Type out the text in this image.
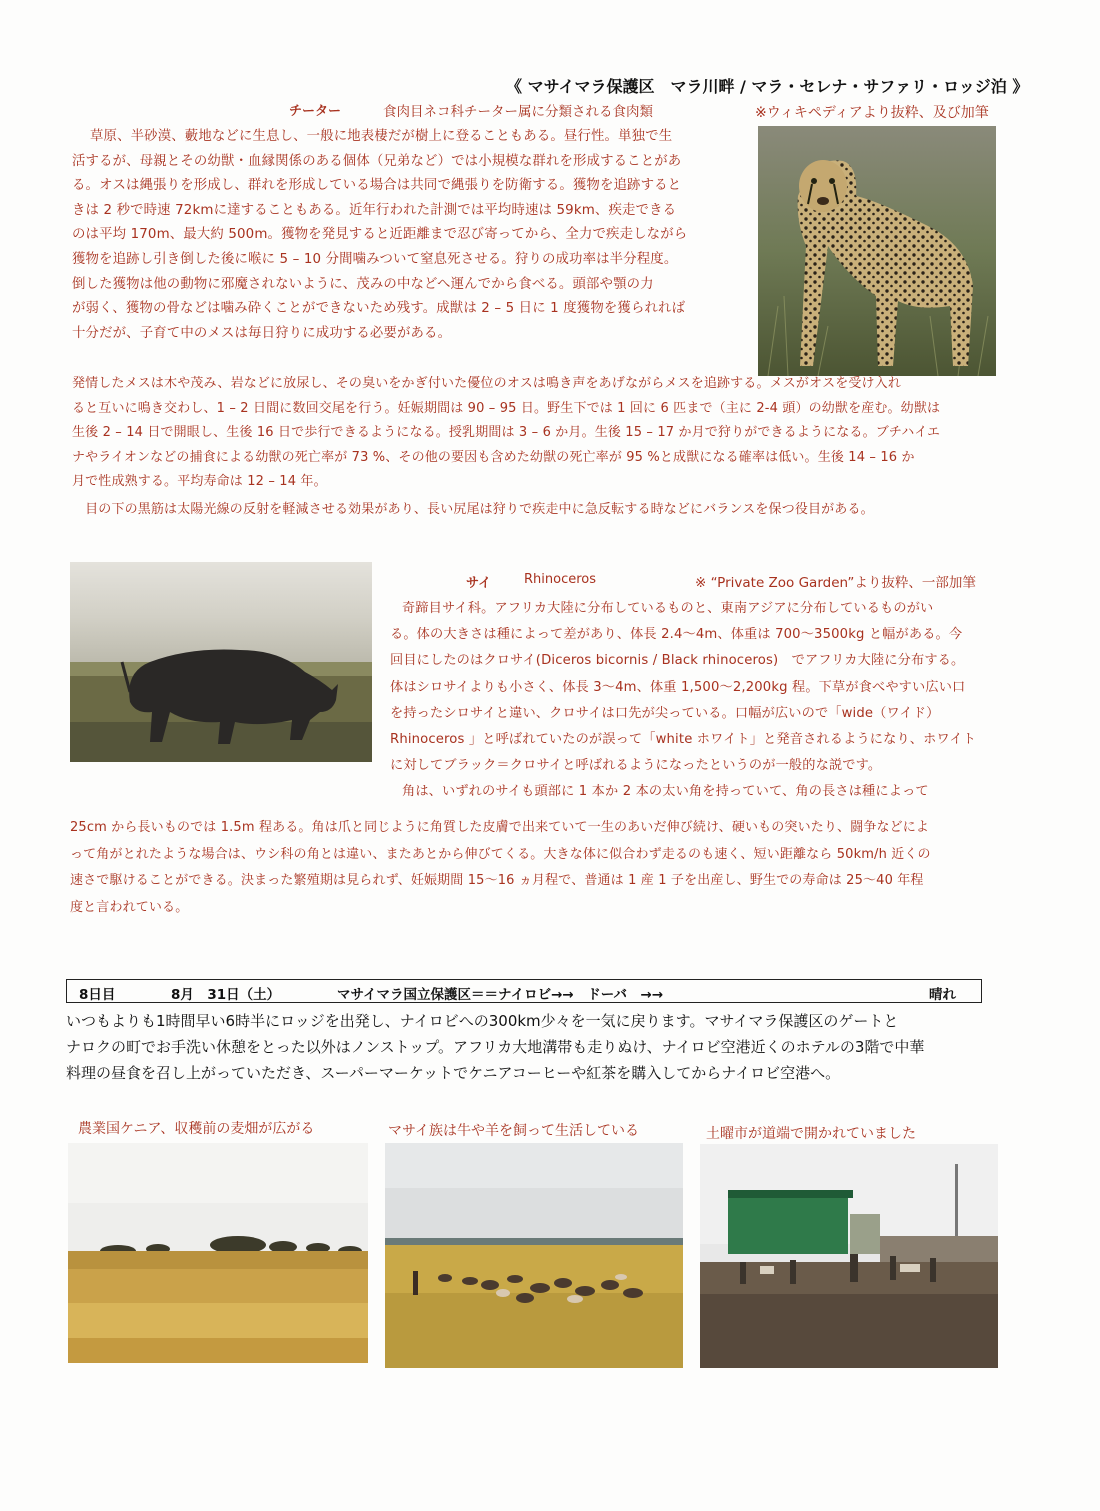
《 マサイマラ保護区　マラ川畔 / マラ・セレナ・サファリ・ロッジ泊 》
チーター	食肉目ネコ科チーター属に分類される食肉類	※ウィキペディアより抜粋、及び加筆

草原、半砂漠、藪地などに生息し、一般に地表棲だが樹上に登ることもある。昼行性。単独で生

活するが、母親とその幼獣・血縁関係のある個体（兄弟など）では小規模な群れを形成することがあ

る。オスは縄張りを形成し、群れを形成している場合は共同で縄張りを防衛する。獲物を追跡すると

きは 2 秒で時速 72kmに達することもある。近年行われた計測では平均時速は 59km、疾走できる

のは平均 170m、最大約 500m。獲物を発見すると近距離まで忍び寄ってから、全力で疾走しながら

獲物を追跡し引き倒した後に喉に 5 – 10 分間噛みついて窒息死させる。狩りの成功率は半分程度。

倒した獲物は他の動物に邪魔されないように、茂みの中などへ運んでから食べる。頭部や顎の力

が弱く、獲物の骨などは噛み砕くことができないため残す。成獣は 2 – 5 日に 1 度獲物を獲られれば

十分だが、子育て中のメスは毎日狩りに成功する必要がある。

発情したメスは木や茂み、岩などに放尿し、その臭いをかぎ付いた優位のオスは鳴き声をあげながらメスを追跡する。メスがオスを受け入れ

ると互いに鳴き交わし、1 – 2 日間に数回交尾を行う。妊娠期間は 90 – 95 日。野生下では 1 回に 6 匹まで（主に 2-4 頭）の幼獣を産む。幼獣は

生後 2 – 14 日で開眼し、生後 16 日で歩行できるようになる。授乳期間は 3 – 6 か月。生後 15 – 17 か月で狩りができるようになる。ブチハイエ

ナやライオンなどの捕食による幼獣の死亡率が 73 %、その他の要因も含めた幼獣の死亡率が 95 %と成獣になる確率は低い。生後 14 – 16 か

月で性成熟する。平均寿命は 12 – 14 年。

　目の下の黒筋は太陽光線の反射を軽減させる効果があり、長い尻尾は狩りで疾走中に急反転する時などにバランスを保つ役目がある。

サイ	Rhinoceros	※ “Private Zoo Garden”より抜粋、一部加筆

奇蹄目サイ科。アフリカ大陸に分布しているものと、東南アジアに分布しているものがい

る。体の大きさは種によって差があり、体長 2.4～4m、体重は 700～3500kg と幅がある。今

回目にしたのはクロサイ(Diceros bicornis / Black rhinoceros)　でアフリカ大陸に分布する。

体はシロサイよりも小さく、体長 3～4m、体重 1,500～2,200kg 程。下草が食べやすい広い口

を持ったシロサイと違い、クロサイは口先が尖っている。口幅が広いので「wide（ワイド）

Rhinoceros 」と呼ばれていたのが誤って「white ホワイト」と発音されるようになり、ホワイト

に対してブラック＝クロサイと呼ばれるようになったというのが一般的な説です。

角は、いずれのサイも頭部に 1 本か 2 本の太い角を持っていて、角の長さは種によって

25cm から長いものでは 1.5m 程ある。角は爪と同じように角質した皮膚で出来ていて一生のあいだ伸び続け、硬いもの突いたり、闘争などによ

って角がとれたような場合は、ウシ科の角とは違い、またあとから伸びてくる。大きな体に似合わず走るのも速く、短い距離なら 50km/h 近くの

速さで駆けることができる。決まった繁殖期は見られず、妊娠期間 15～16 ヵ月程で、普通は 1 産 1 子を出産し、野生での寿命は 25～40 年程

度と言われている。

8日目	8月　31日（土）	マサイマラ国立保護区＝＝ナイロビ→→　ドーバ　→→	晴れ

いつもよりも1時間早い6時半にロッジを出発し、ナイロビへの300km少々を一気に戻ります。マサイマラ保護区のゲートと

ナロクの町でお手洗い休憩をとった以外はノンストップ。アフリカ大地溝帯も走りぬけ、ナイロビ空港近くのホテルの3階で中華

料理の昼食を召し上がっていただき、スーパーマーケットでケニアコーヒーや紅茶を購入してからナイロビ空港へ。

農業国ケニア、収穫前の麦畑が広がる	マサイ族は牛や羊を飼って生活している	土曜市が道端で開かれていました
